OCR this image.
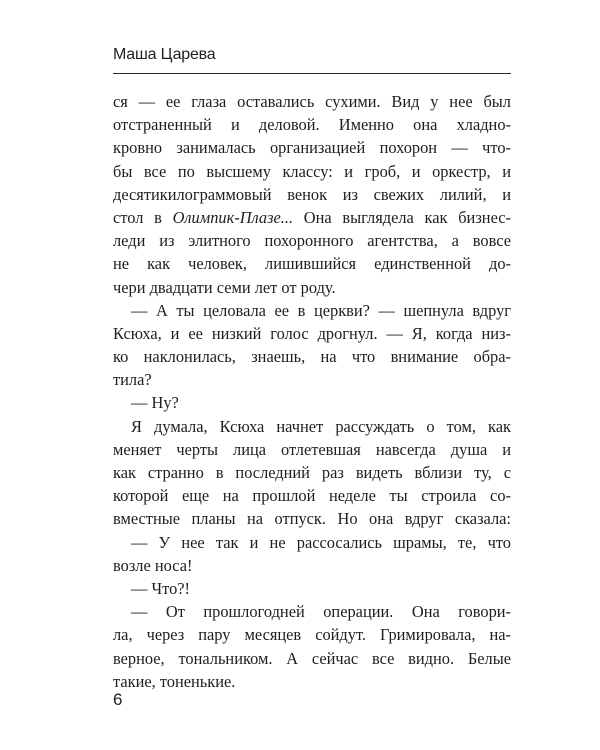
Маша Царева
ся — ее глаза оставались сухими. Вид у нее был
отстраненный и деловой. Именно она хладно-
кровно занималась организацией похорон — что-
бы все по высшему классу: и гроб, и оркестр, и
десятикилограммовый венок из свежих лилий, и
стол в Олимпик-Плазе... Она выглядела как бизнес-
леди из элитного похоронного агентства, а вовсе
не как человек, лишившийся единственной до-
чери двадцати семи лет от роду.
— А ты целовала ее в церкви? — шепнула вдруг
Ксюха, и ее низкий голос дрогнул. — Я, когда низ-
ко наклонилась, знаешь, на что внимание обра-
тила?
— Ну?
Я думала, Ксюха начнет рассуждать о том, как
меняет черты лица отлетевшая навсегда душа и
как странно в последний раз видеть вблизи ту, с
которой еще на прошлой неделе ты строила со-
вместные планы на отпуск. Но она вдруг сказала:
— У нее так и не рассосались шрамы, те, что
возле носа!
— Что?!
— От прошлогодней операции. Она говори-
ла, через пару месяцев сойдут. Гримировала, на-
верное, тональником. А сейчас все видно. Белые
такие, тоненькие.
6
